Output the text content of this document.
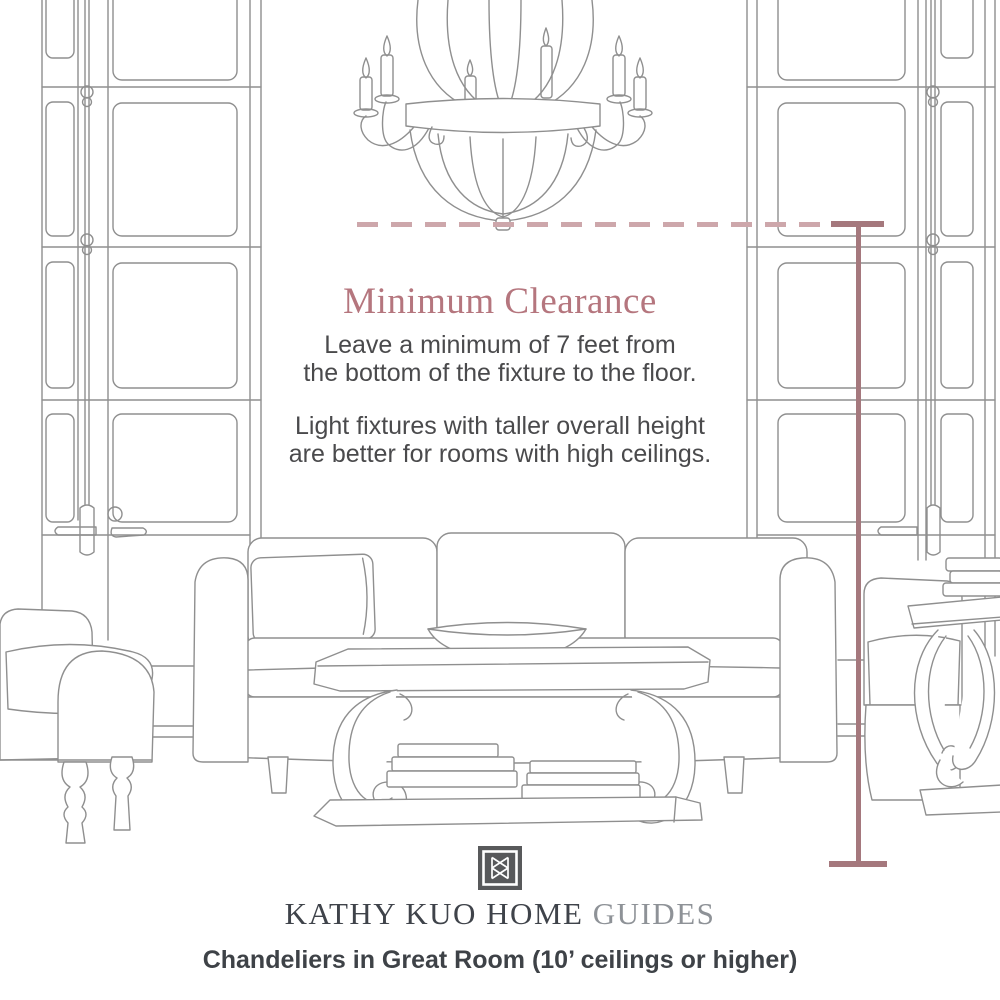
Minimum Clearance
Leave a minimum of 7 feet from
the bottom of the fixture to the floor.
Light fixtures with taller overall height
are better for rooms with high ceilings.
KATHY KUO HOME GUIDES
Chandeliers in Great Room (10’ ceilings or higher)
